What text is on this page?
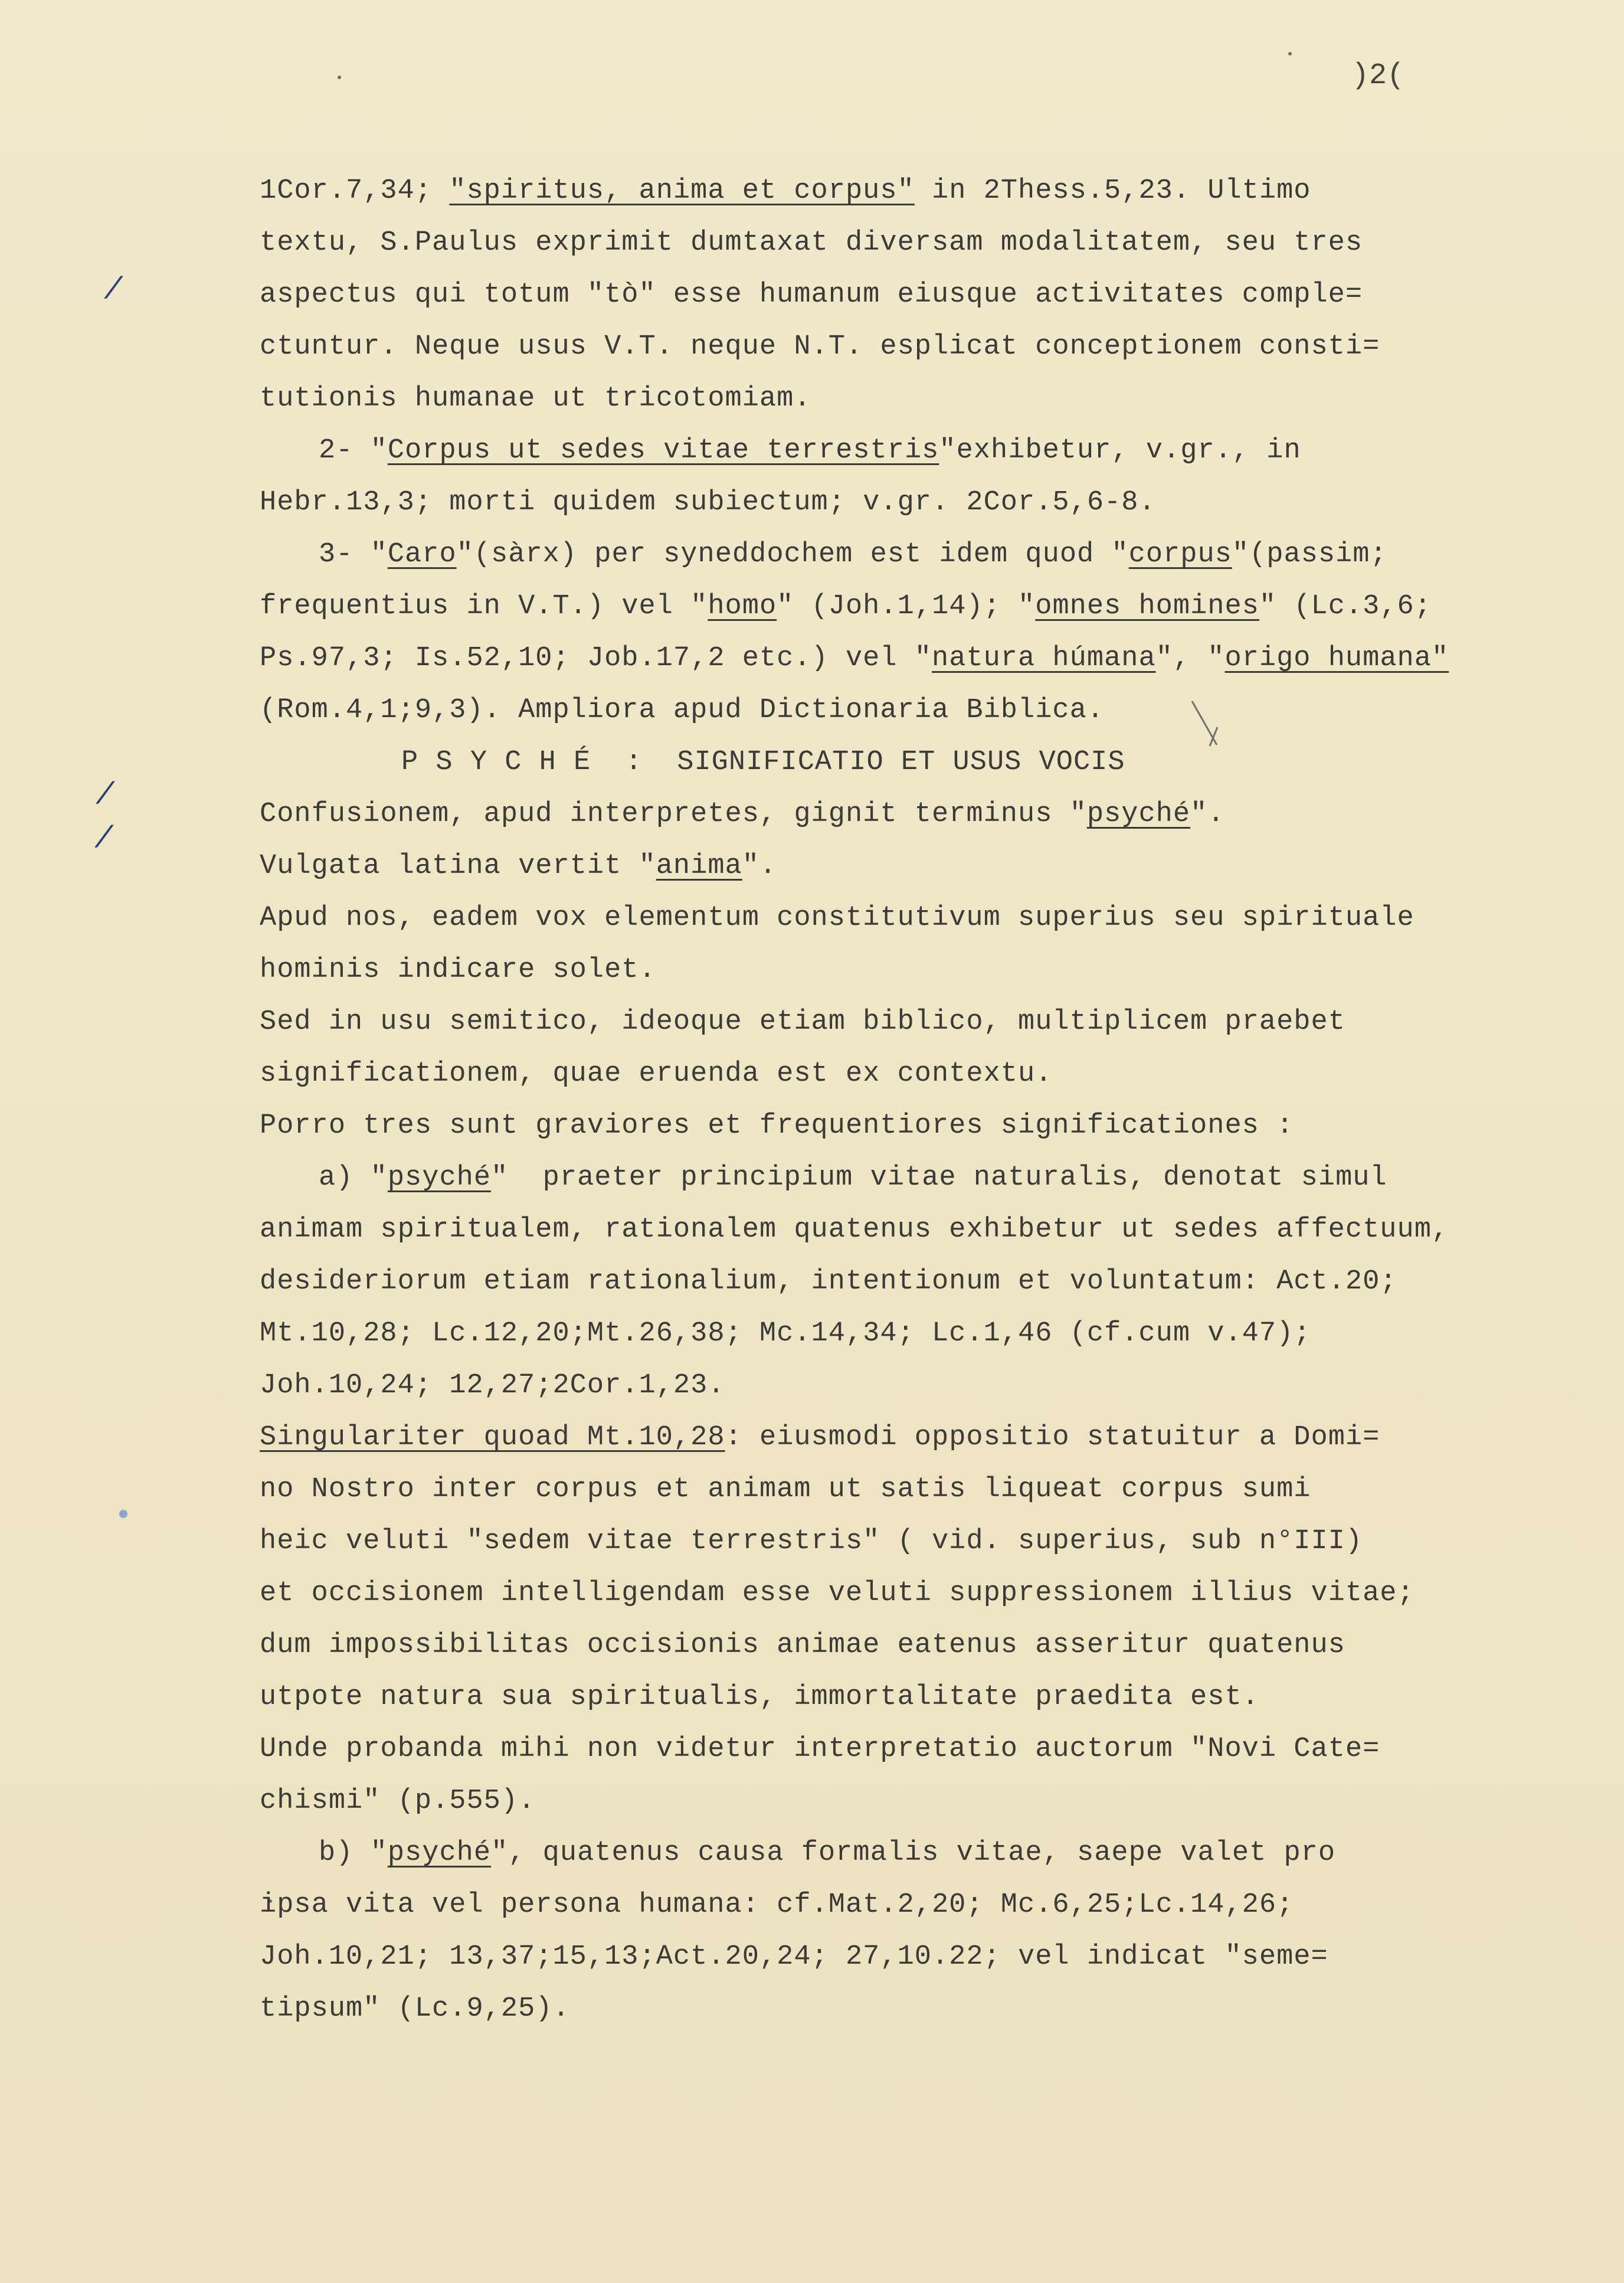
)2(
/
/
/
1Cor.7,34; "spiritus, anima et corpus" in 2Thess.5,23. Ultimo
textu, S.Paulus exprimit dumtaxat diversam modalitatem, seu tres
aspectus qui totum "tò" esse humanum eiusque activitates comple=
ctuntur. Neque usus V.T. neque N.T. esplicat conceptionem consti=
tutionis humanae ut tricotomiam.
2- "Corpus ut sedes vitae terrestris"exhibetur, v.gr., in
Hebr.13,3; morti quidem subiectum; v.gr. 2Cor.5,6-8.
3- "Caro"(sàrx) per syneddochem est idem quod "corpus"(passim;
frequentius in V.T.) vel "homo" (Joh.1,14); "omnes homines" (Lc.3,6;
Ps.97,3; Is.52,10; Job.17,2 etc.) vel "natura húmana", "origo humana"
(Rom.4,1;9,3). Ampliora apud Dictionaria Biblica.
P S Y C H É  :  SIGNIFICATIO ET USUS VOCIS
Confusionem, apud interpretes, gignit terminus "psyché".
Vulgata latina vertit "anima".
Apud nos, eadem vox elementum constitutivum superius seu spirituale
hominis indicare solet.
Sed in usu semitico, ideoque etiam biblico, multiplicem praebet
significationem, quae eruenda est ex contextu.
Porro tres sunt graviores et frequentiores significationes :
a) "psyché"  praeter principium vitae naturalis, denotat simul
animam spiritualem, rationalem quatenus exhibetur ut sedes affectuum,
desideriorum etiam rationalium, intentionum et voluntatum: Act.20;
Mt.10,28; Lc.12,20;Mt.26,38; Mc.14,34; Lc.1,46 (cf.cum v.47);
Joh.10,24; 12,27;2Cor.1,23.
Singulariter quoad Mt.10,28: eiusmodi oppositio statuitur a Domi=
no Nostro inter corpus et animam ut satis liqueat corpus sumi
heic veluti "sedem vitae terrestris" ( vid. superius, sub n°III)
et occisionem intelligendam esse veluti suppressionem illius vitae;
dum impossibilitas occisionis animae eatenus asseritur quatenus
utpote natura sua spiritualis, immortalitate praedita est.
Unde probanda mihi non videtur interpretatio auctorum "Novi Cate=
chismi" (p.555).
b) "psyché", quatenus causa formalis vitae, saepe valet pro
ipsa vita vel persona humana: cf.Mat.2,20; Mc.6,25;Lc.14,26;
Joh.10,21; 13,37;15,13;Act.20,24; 27,10.22; vel indicat "seme=
tipsum" (Lc.9,25).
